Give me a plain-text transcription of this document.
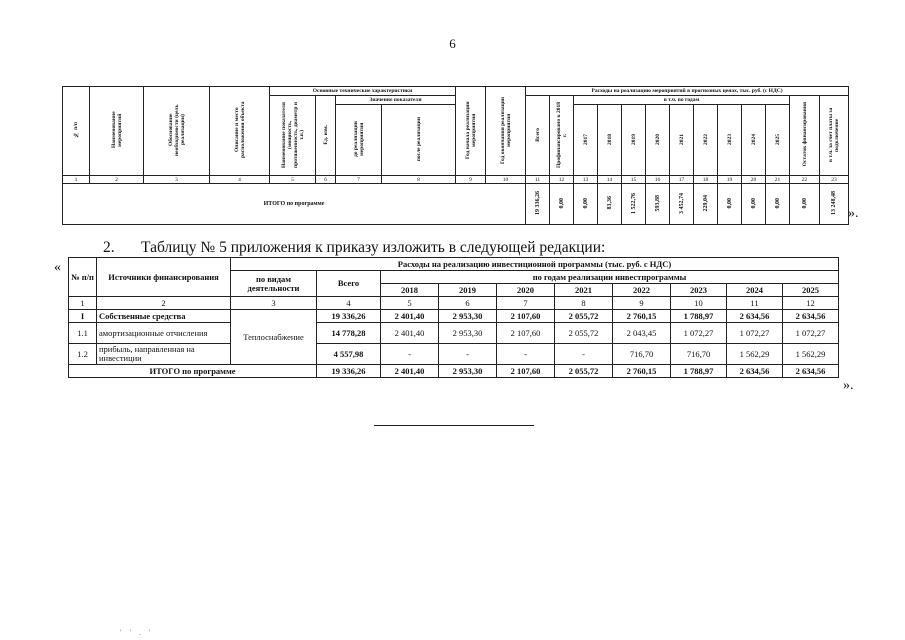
6
№ п/п	Наименование мероприятий	Обоснование необходимости (цель реализации)	Описание и место расположения объекта	Основные технические характеристики				Год начала реализации мероприятия	Год окончания реализации мероприятия	Расходы на реализацию мероприятий в прогнозных ценах, тыс. руб. (с НДС)												
				Наименование показателя (мощность, протяженность, диаметр и т.п.)	Ед. изм.	Значение показателя				Всего	Профинансировано к 2018 г.	в т.ч. по годам									Остаток финансирования	в т.ч. за счет платы за подключение
						до реализации мероприятия	после реализации					2017	2018	2019	2020	2021	2022	2023	2024	2025		
1	2	3	4	5	6	7	8	9	10	11	12	13	14	15	16	17	18	19	20	21	22	23
ИТОГО по программе										19 336,26	0,00	0,00	83,36	1 522,76	593,88	3 452,74	229,04	0,00	0,00	0,00	0,00	13 248,48 ».
2. Таблицу № 5 приложения к приказу изложить в следующей редакции:
«
№ п/п	Источники финансирования	Расходы на реализацию инвестиционной программы (тыс. руб. с НДС)									
		по видам деятельности	Всего	по годам реализации инвестпрограммы							
				2018	2019	2020	2021	2022	2023	2024	2025
1	2	3	4	5	6	7	8	9	10	11	12
I	Собственные средства	Теплоснабжение	19 336,26	2 401,40	2 953,30	2 107,60	2 055,72	2 760,15	1 788,97	2 634,56	2 634,56
1.1	амортизационные отчисления		14 778,28	2 401,40	2 953,30	2 107,60	2 055,72	2 043,45	1 072,27	1 072,27	1 072,27
1.2	прибыль, направленная на инвестиции		4 557,98	-	-	-	-	716,70	716,70	1 562,29	1 562,29
ИТОГО по программе			19 336,26	2 401,40	2 953,30	2 107,60	2 055,72	2 760,15	1 788,97	2 634,56	2 634,56
».
' ' . '
